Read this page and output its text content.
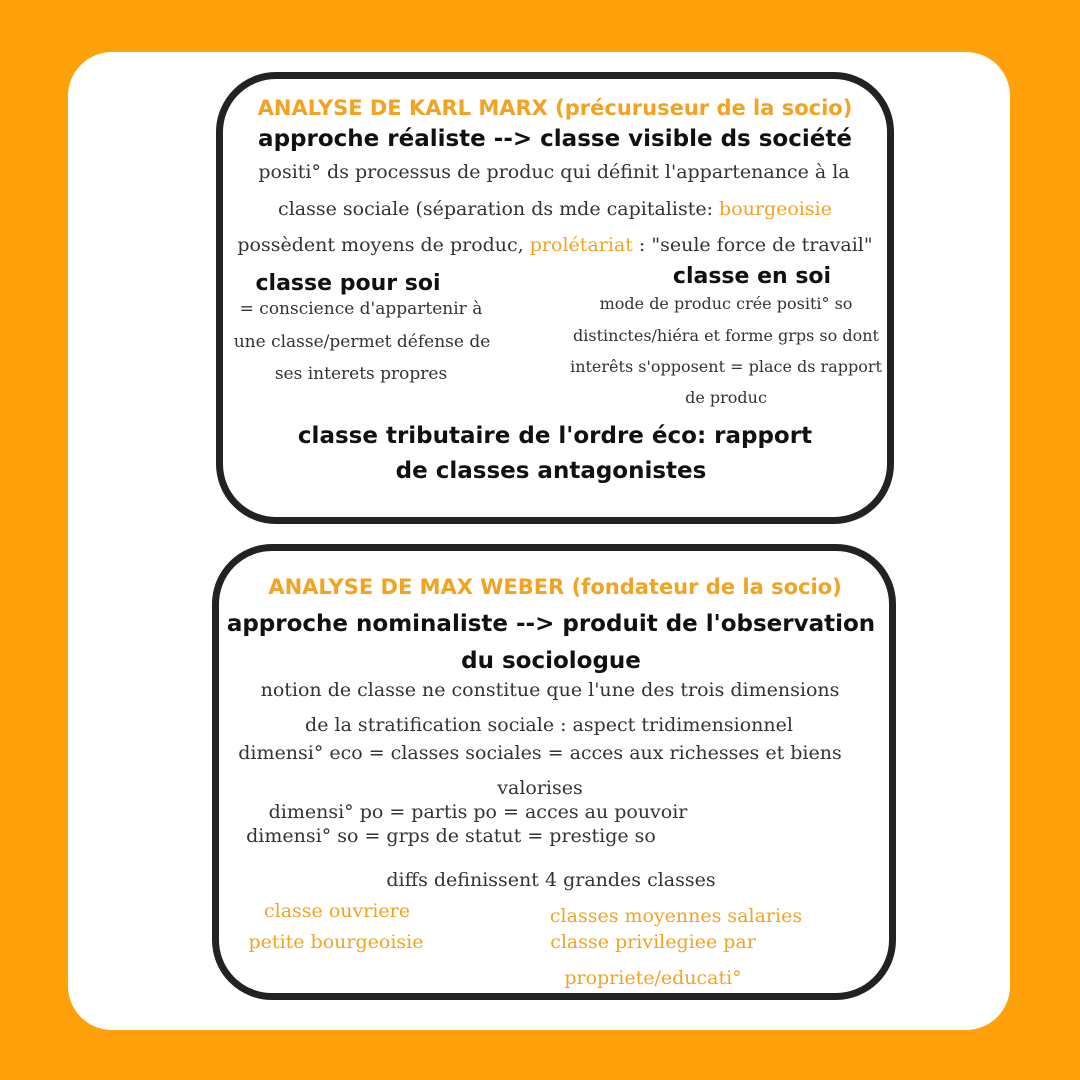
ANALYSE DE KARL MARX (précuruseur de la socio)
approche réaliste --> classe visible ds société
positi° ds processus de produc qui définit l'appartenance à la
classe sociale (séparation ds mde capitaliste: bourgeoisie
possèdent moyens de produc, prolétariat : "seule force de travail"
classe pour soi
= conscience d'appartenir à
une classe/permet défense de
ses interets propres
classe en soi
mode de produc crée positi° so
distinctes/hiéra et forme grps so dont
interêts s'opposent = place ds rapport
de produc
classe tributaire de l'ordre éco: rapport
de classes antagonistes
ANALYSE DE MAX WEBER (fondateur de la socio)
approche nominaliste --> produit de l'observation
du sociologue
notion de classe ne constitue que l'une des trois dimensions
de la stratification sociale : aspect tridimensionnel
dimensi° eco = classes sociales = acces aux richesses et biens
valorises
dimensi° po = partis po = acces au pouvoir
dimensi° so = grps de statut = prestige so
diffs definissent 4 grandes classes
classe ouvriere
petite bourgeoisie
classes moyennes salaries
classe privilegiee par
propriete/educati°
